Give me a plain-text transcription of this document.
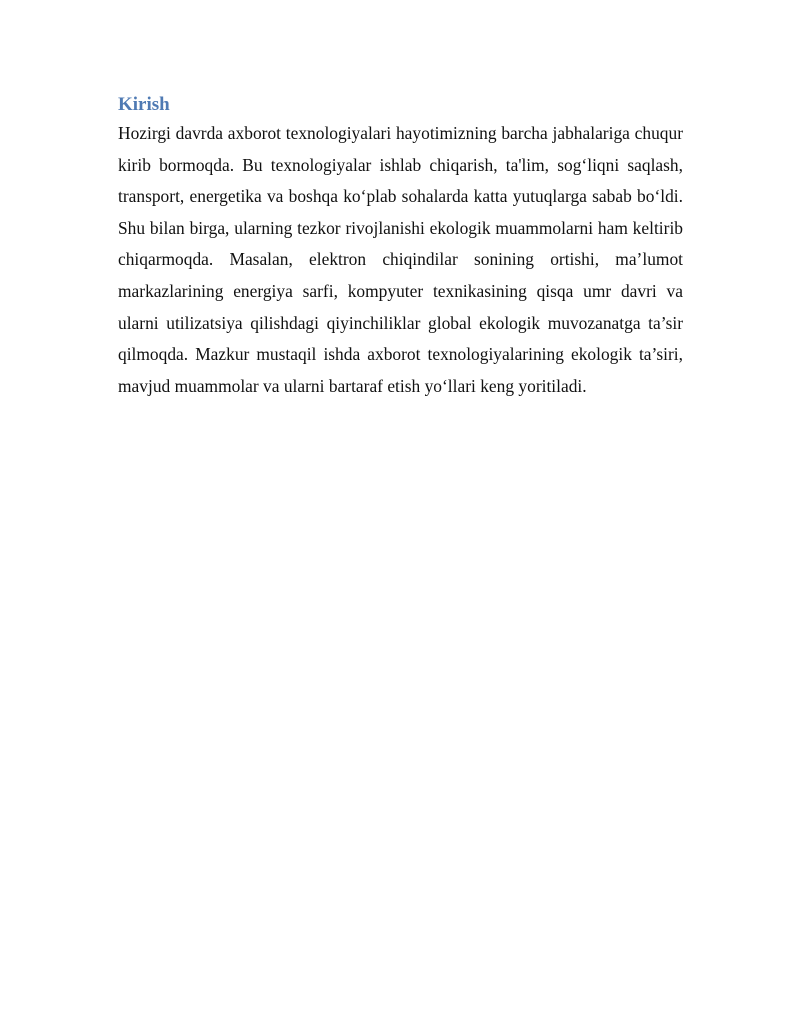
Kirish

Hozirgi davrda axborot texnologiyalari hayotimizning barcha jabhalariga chuqur kirib bormoqda. Bu texnologiyalar ishlab chiqarish, ta'lim, sog‘liqni saqlash, transport, energetika va boshqa ko‘plab sohalarda katta yutuqlarga sabab bo‘ldi. Shu bilan birga, ularning tezkor rivojlanishi ekologik muammolarni ham keltirib chiqarmoqda. Masalan, elektron chiqindilar sonining ortishi, ma’lumot markazlarining energiya sarfi, kompyuter texnikasining qisqa umr davri va ularni utilizatsiya qilishdagi qiyinchiliklar global ekologik muvozanatga ta’sir qilmoqda. Mazkur mustaqil ishda axborot texnologiyalarining ekologik ta’siri, mavjud muammolar va ularni bartaraf etish yo‘llari keng yoritiladi.
